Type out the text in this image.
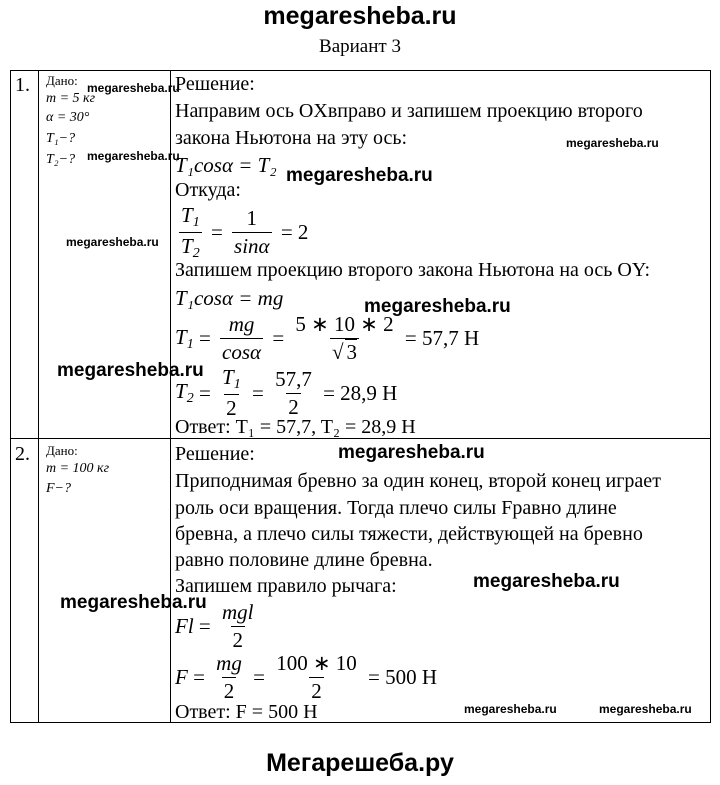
megaresheba.ru
Вариант 3
1. Дано:
m = 5 кг
α = 30°
T₁−?
T₂−?
Решение:
Направим ось OXвправо и запишем проекцию второго
закона Ньютона на эту ось:
T₁cosα = T₂
Откуда:
$\frac{T_1}{T_2} = \frac{1}{\sin\alpha} = 2$
Запишем проекцию второго закона Ньютона на ось OY:
T₁cosα = mg
$T_1 = \frac{mg}{\cos\alpha} = \frac{5 ∗ 10 ∗ 2}{√ 3} = 57,7$ Н
$T_2 = \frac{T_1}{2} = \frac{57,7}{2} = 28,9$ Н
Ответ: T₁ = 57,7, T₂ = 28,9 Н
2. Дано:
m = 100 кг
F−?
Решение:
Приподнимая бревно за один конец, второй конец играет
роль оси вращения. Тогда плечо силы Fравно длине
бревна, а плечо силы тяжести, действующей на бревно
равно половине длине бревна.
Запишем правило рычага:
$Fl = \frac{\text{mgl}}{2}$
$F = \frac{mg}{2} = \frac{100 ∗ 10}{2} = 500$ Н
Ответ: F = 500 Н
megaresheba.ru
megaresheba.ru
megaresheba.ru
megaresheba.ru
megaresheba.ru
megaresheba.ru
megaresheba.ru
megaresheba.ru
megaresheba.ru
megaresheba.ru
megaresheba.ru	megaresheba.ru
Мегарешеба.ру
